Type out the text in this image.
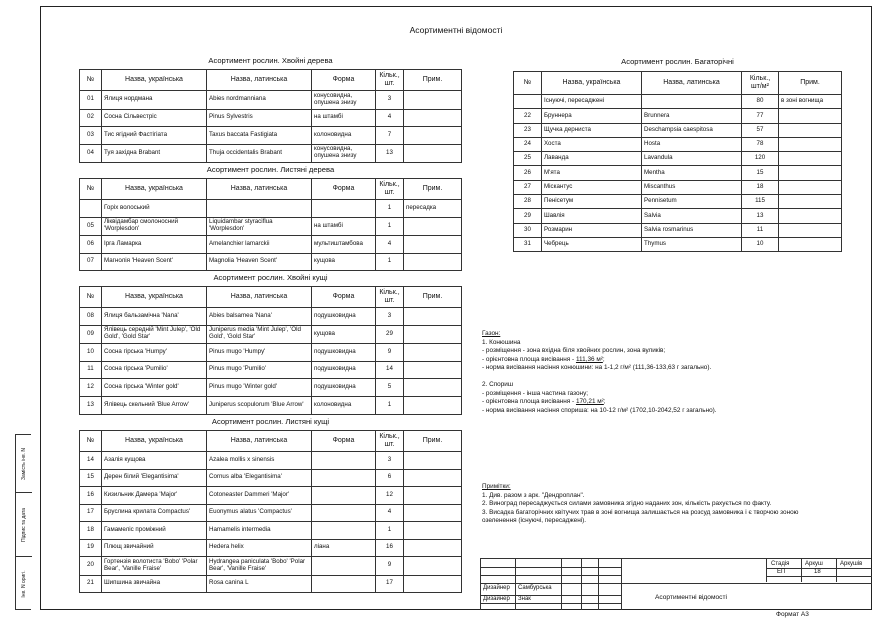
Асортиментні відомості
Асортимент рослин. Хвойні дерева					
№	Назва, українська	Назва, латинська	Форма	Кільк., шт.	Прим.
01	Ялиця нордмана	Abies nordmanniana	конусовидна, опушена знизу	3	
02	Сосна Сільвестріс	Pinus Sylvestris	на штамбі	4	
03	Тис ягідний Фастігіата	Taxus baccata Fastigiata	колоновидна	7	
04	Туя західна Brabant	Thuja occidentalis Brabant	конусовидна, опушена знизу	13	
Асортимент рослин. Листяні дерева					
№	Назва, українська	Назва, латинська	Форма	Кільк., шт.	Прим.
	Горіх волоський			1	пересадка
05	Ліквідамбар смолоносний 'Worplesdon'	Liquidambar styraciflua 'Worplesdon'	на штамбі	1	
06	Ірга Ламарка	Amelanchier lamarckii	мультиштамбова	4	
07	Магнолія 'Heaven Scent'	Magnolia 'Heaven Scent'	кущова	1	
Асортимент рослин. Хвойні кущі					
№	Назва, українська	Назва, латинська	Форма	Кільк., шт.	Прим.
08	Ялиця бальзамічна 'Nana'	Abies balsamea 'Nana'	подушковидна	3	
09	Ялівець середній 'Mint Julep', 'Old Gold', 'Gold Star'	Juniperus media 'Mint Julep', 'Old Gold', 'Gold Star'	кущова	29	
10	Сосна гірська 'Humpy'	Pinus mugo 'Humpy'	подушковидна	9	
11	Сосна гірська 'Pumilio'	Pinus mugo 'Pumilio'	подушковидна	14	
12	Сосна гірська 'Winter gold'	Pinus mugo 'Winter gold'	подушковидна	5	
13	Ялівець скельний 'Blue Arrow'	Juniperus scopulorum 'Blue Arrow'	колоновидна	1	
Асортимент рослин. Листяні кущі					
№	Назва, українська	Назва, латинська	Форма	Кільк., шт.	Прим.
14	Азалія кущова	Azalea mollis x sinensis		3	
15	Дерен білий 'Elegantisima'	Cornus alba 'Elegantisima'		6	
16	Кизильник Дамера 'Major'	Cotoneaster Dammeri 'Major'		12	
17	Бруслина крилата Compactus'	Euonymus alatus 'Compactus'		4	
18	Гамамеліс проміжний	Hamamelis intermedia		1	
19	Плющ звичайний	Hedera helix	ліана	16	
20	Гортензія волотиста 'Bobo' 'Polar Bear', 'Vanille Fraise'	Hydrangea paniculata 'Bobo' 'Polar Bear', 'Vanille Fraise'		9	
21	Шипшина звичайна	Rosa canina L		17	
Асортимент рослин. Багаторічні				
№	Назва, українська	Назва, латинська	Кільк., шт/м²	Прим.
	Існуючі, пересаджені		80	в зоні вогнища
22	Бруннера	Brunnera	77	
23	Щучка дерниста	Deschampsia caespitosa	57	
24	Хоста	Hosta	78	
25	Лаванда	Lavandula	120	
26	М'ята	Mentha	15	
27	Міскантус	Miscanthus	18	
28	Пенісетум	Pennisetum	115	
29	Шавлія	Salvia	13	
30	Розмарин	Salvia rosmarinus	11	
31	Чебрець	Thymus	10	
Газон:
1. Конюшина
- розміщення - зона вхідна біля хвойних рослин, зона вуликів;
- орієнтовна площа висівання - 111,36 м²;
- норма висівання насіння конюшини: на 1-1,2 г/м² (111,36-133,63 г загально).
2. Спориш
- розміщення - інша частина газону;
- орієнтовна площа висівання - 170,21 м²;
- норма висівання насіння спориша: на 10-12 г/м² (1702,10-2042,52 г загально).
Примітки:
1. Див. разом з арк. "Дендроплан".
2. Виноград пересаджується силами замовника згідно наданих зон, кількість рахується по факту.
3. Висадка багаторічних квітучих трав в зоні вогнища залишається на розсуд замовника і є творчою зоною
озеленення (існуючі, пересаджені).
Замість інв. N
Підпис та дата
Інв. N оригі.
Стадія	Аркуш	Аркушів
ЕП	18
Дизайнер Самбурська
Дизайнер Знак	Асортиментні відомості
Формат А3
